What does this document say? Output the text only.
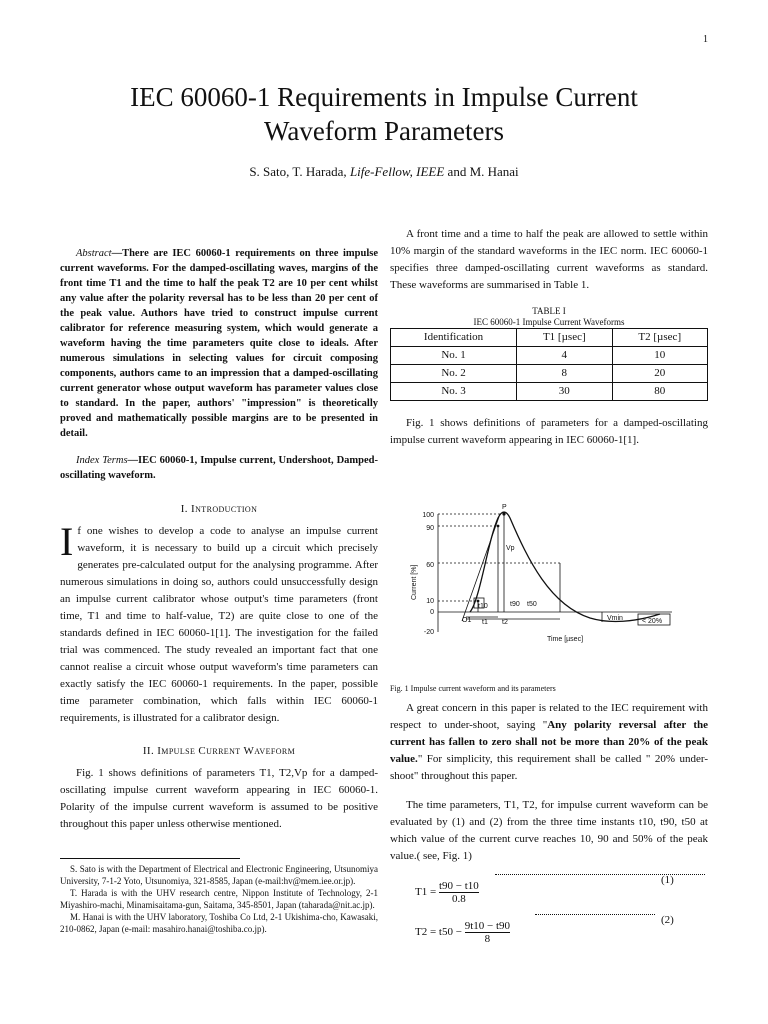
1
IEC 60060-1 Requirements in Impulse Current
Waveform Parameters
S. Sato, T. Harada, Life-Fellow, IEEE and M. Hanai

Abstract—There are IEC 60060-1 requirements on three impulse current waveforms. For the damped-oscillating waves, margins of the front time T1 and the time to half the peak T2 are 10 per cent whilst any value after the polarity reversal has to be less than 20 per cent of the peak value. Authors have tried to construct impulse current calibrator for reference measuring system, which would generate a waveform having the time parameters quite close to ideals. After numerous simulations in selecting values for circuit composing components, authors came to an impression that a damped-oscillating current generator whose output waveform has parameter values close to standard. In the paper, authors' "impression" is theoretically proved and mathematically possible margins are to be presented in detail.

Index Terms—IEC 60060-1, Impulse current, Undershoot, Damped-oscillating waveform.

I. Introduction

If one wishes to develop a code to analyse an impulse current waveform, it is necessary to build up a circuit which precisely generates pre-calculated output for the analysing programme. After numerous simulations in doing so, authors could unsuccessfully design an impulse current calibrator whose output's time parameters (front time, T1 and time to half-value, T2) are quite close to one of the standards defined in IEC 60060-1[1]. The investigation for the failed trial was commenced. The study revealed an important fact that one cannot realise a circuit whose output waveform's time parameters can exactly satisfy the IEC 60060-1 requirements. In the paper, possible time parameter combination, which falls within IEC 60060-1 requirements, is illustrated for a calibrator design.

II. Impulse Current Waveform

Fig. 1 shows definitions of parameters T1, T2,Vp for a damped-oscillating impulse current waveform appearing in IEC 60060-1. Polarity of the impulse current waveform is assumed to be positive throughout this paper unless otherwise mentioned.

S. Sato is with the Department of Electrical and Electronic Engineering, Utsunomiya University, 7-1-2 Yoto, Utsunomiya, 321-8585, Japan (e-mail:hv@mem.iee.or.jp).

T. Harada is with the UHV research centre, Nippon Institute of Technology, 2-1 Miyashiro-machi, Minamisaitama-gun, Saitama, 345-8501, Japan (taharada@nit.ac.jp).

M. Hanai is with the UHV laboratory, Toshiba Co Ltd, 2-1 Ukishima-cho, Kawasaki, 210-0862, Japan (e-mail: masahiro.hanai@toshiba.co.jp).

A front time and a time to half the peak are allowed to settle within 10% margin of the standard waveforms in the IEC norm. IEC 60060-1 specifies three damped-oscillating current waveforms as standard. These waveforms are summarised in Table 1.

TABLE I
IEC 60060-1 Impulse Current Waveforms
Identification	T1 [µsec]	T2 [µsec]
No. 1	4	10
No. 2	8	20
No. 3	30	80

Fig. 1 shows definitions of parameters for a damped-oscillating impulse current waveform appearing in IEC 60060-1[1].

Current [%]
100
90
60
10
0
-20
Time [µsec]
P
Vp
O1 t1 t2
t10	t90 t50
Vmin	< 20%
Fig. 1 Impulse current waveform and its parameters

A great concern in this paper is related to the IEC requirement with respect to under-shoot, saying "Any polarity reversal after the current has fallen to zero shall not be more than 20% of the peak value." For simplicity, this requirement shall be called " 20% under-shoot" throughout this paper.

The time parameters, T1, T2, for impulse current waveform can be evaluated by (1) and (2) from the three time instants t10, t90, t50 at which value of the current curve reaches 10, 90 and 50% of the peak value.( see, Fig. 1)

$T1 = \frac{t90 - t10}{0.8}$	(1)
$T2 = t50 - \frac{9t10 - t90}{8}$	(2)
